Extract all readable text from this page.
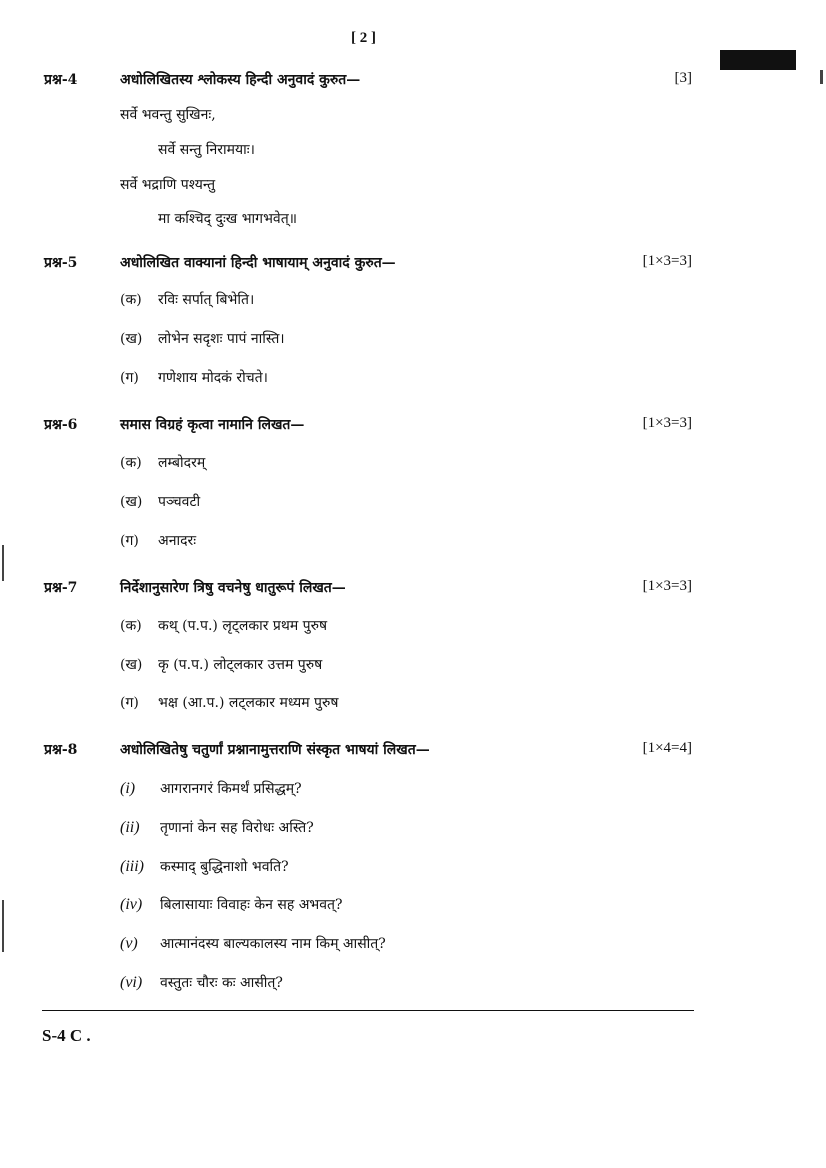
[ 2 ]
प्रश्न-4	अधोलिखितस्य श्लोकस्य हिन्दी अनुवादं कुरुत—	[3]
सर्वे भवन्तु सुखिनः,
सर्वे सन्तु निरामयाः।
सर्वे भद्राणि पश्यन्तु
मा कश्चिद् दुःख भागभवेत्॥
प्रश्न-5	अधोलिखित वाक्यानां हिन्दी भाषायाम् अनुवादं कुरुत—	[1×3=3]
(क) रविः सर्पात् बिभेति।
(ख) लोभेन सदृशः पापं नास्ति।
(ग) गणेशाय मोदकं रोचते।
प्रश्न-6	समास विग्रहं कृत्वा नामानि लिखत—	[1×3=3]
(क) लम्बोदरम्
(ख) पञ्चवटी
(ग) अनादरः
प्रश्न-7	निर्देशानुसारेण त्रिषु वचनेषु धातुरूपं लिखत—	[1×3=3]
(क) कथ् (प.प.) लृट्लकार प्रथम पुरुष
(ख) कृ (प.प.) लोट्लकार उत्तम पुरुष
(ग) भक्ष (आ.प.) लट्लकार मध्यम पुरुष
प्रश्न-8	अधोलिखितेषु चतुर्णां प्रश्नानामुत्तराणि संस्कृत भाषयां लिखत—	[1×4=4]
(i) आगरानगरं किमर्थं प्रसिद्धम्?
(ii) तृणानां केन सह विरोधः अस्ति?
(iii) कस्माद् बुद्धिनाशो भवति?
(iv) बिलासायाः विवाहः केन सह अभवत्?
(v) आत्मानंदस्य बाल्यकालस्य नाम किम् आसीत्?
(vi) वस्तुतः चौरः कः आसीत्?
S-4 C .
